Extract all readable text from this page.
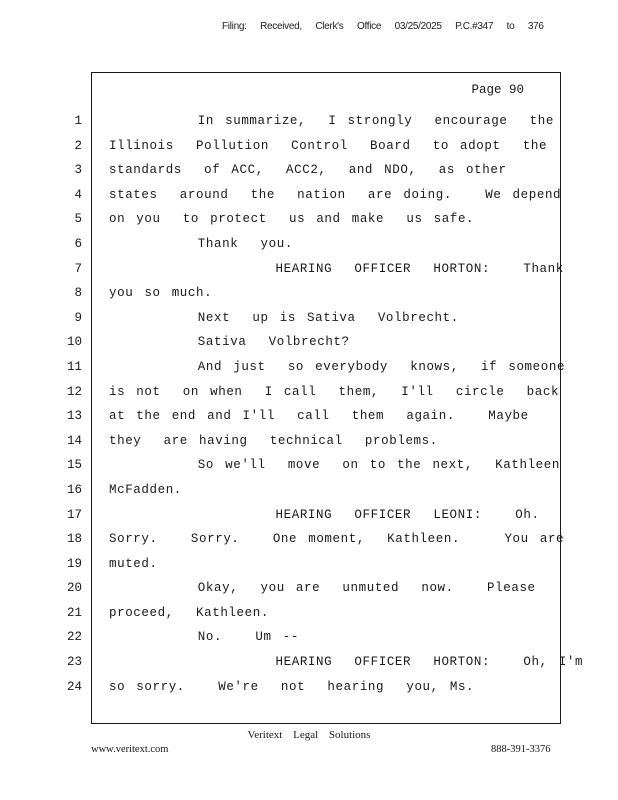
Filing: Received, Clerk's Office 03/25/2025 P.C.#347 to 376
Page 90
1
2
3
4
5
6
7
8
9
10
11
12
13
14
15
16
17
18
19
20
21
22
23
24
In summarize,  I strongly  encourage  the
Illinois  Pollution  Control  Board  to adopt  the
standards  of ACC,  ACC2,  and NDO,  as other
states  around  the  nation  are doing.   We depend
on you  to protect  us and make  us safe.
Thank  you.
HEARING  OFFICER  HORTON:   Thank
you so much.
Next  up is Sativa  Volbrecht.
Sativa  Volbrecht?
And just  so everybody  knows,  if someone
is not  on when  I call  them,  I'll  circle  back
at the end and I'll  call  them  again.   Maybe
they  are having  technical  problems.
So we'll  move  on to the next,  Kathleen
McFadden.
HEARING  OFFICER  LEONI:   Oh.
Sorry.   Sorry.   One moment,  Kathleen.    You are
muted.
Okay,  you are  unmuted  now.   Please
proceed,  Kathleen.
No.   Um --
HEARING  OFFICER  HORTON:   Oh, I'm
so sorry.   We're  not  hearing  you, Ms.
Veritext Legal Solutions
www.veritext.com	888-391-3376
